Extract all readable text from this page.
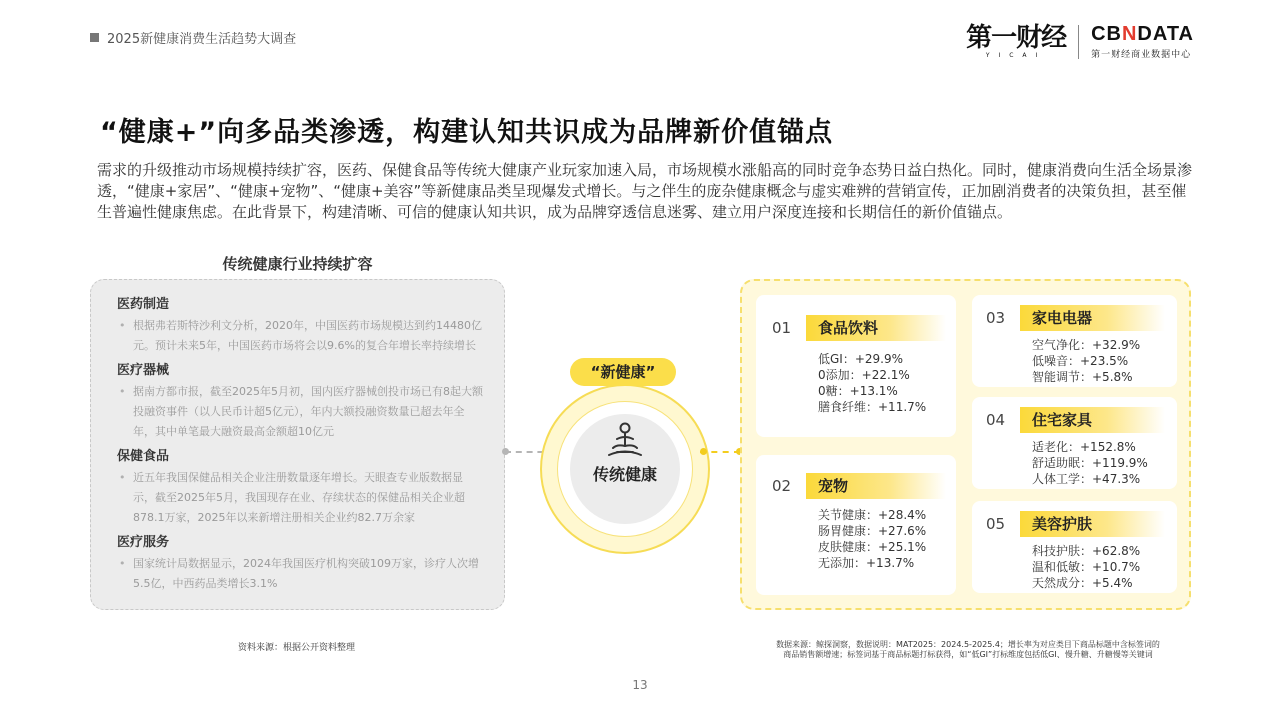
2025新健康消费生活趋势大调查	第一财经
YICAI
CBNDATA
第一财经商业数据中心
“健康+”向多品类渗透，构建认知共识成为品牌新价值锚点
需求的升级推动市场规模持续扩容，医药、保健食品等传统大健康产业玩家加速入局，市场规模水涨船高的同时竞争态势日益白热化。同时，健康消费向生活全场景渗透，“健康+家居”、“健康+宠物”、“健康+美容”等新健康品类呈现爆发式增长。与之伴生的庞杂健康概念与虚实难辨的营销宣传，正加剧消费者的决策负担，甚至催生普遍性健康焦虑。在此背景下，构建清晰、可信的健康认知共识，成为品牌穿透信息迷雾、建立用户深度连接和长期信任的新价值锚点。
传统健康行业持续扩容
医药制造
• 根据弗若斯特沙利文分析，2020年，中国医药市场规模达到约14480亿元。预计未来5年，中国医药市场将会以9.6%的复合年增长率持续增长
医疗器械
• 据南方都市报，截至2025年5月初，国内医疗器械创投市场已有8起大额投融资事件（以人民币计超5亿元），年内大额投融资数量已超去年全年，其中单笔最大融资最高金额超10亿元
保健食品
• 近五年我国保健品相关企业注册数量逐年增长。天眼查专业版数据显示，截至2025年5月，我国现存在业、存续状态的保健品相关企业超878.1万家，2025年以来新增注册相关企业约82.7万余家
医疗服务
• 国家统计局数据显示，2024年我国医疗机构突破109万家，诊疗人次增5.5亿，中西药品类增长3.1%
传统健康
“新健康”
01	食品饮料
低GI：+29.9%
0添加：+22.1%
0糖：+13.1%
膳食纤维：+11.7%
02	宠物
关节健康：+28.4%
肠胃健康：+27.6%
皮肤健康：+25.1%
无添加：+13.7%
03	家电电器
空气净化：+32.9%
低噪音：+23.5%
智能调节：+5.8%
04	住宅家具
适老化：+152.8%
舒适助眠：+119.9%
人体工学：+47.3%
05	美容护肤
科技护肤：+62.8%
温和低敏：+10.7%
天然成分：+5.4%
资料来源：根据公开资料整理	数据来源：鲸探洞察，数据说明：MAT2025：2024.5-2025.4；增长率为对应类目下商品标题中含标签词的
商品销售额增速；标签词基于商品标题打标获得，如“低GI”打标维度包括低GI、慢升糖、升糖慢等关键词
13
